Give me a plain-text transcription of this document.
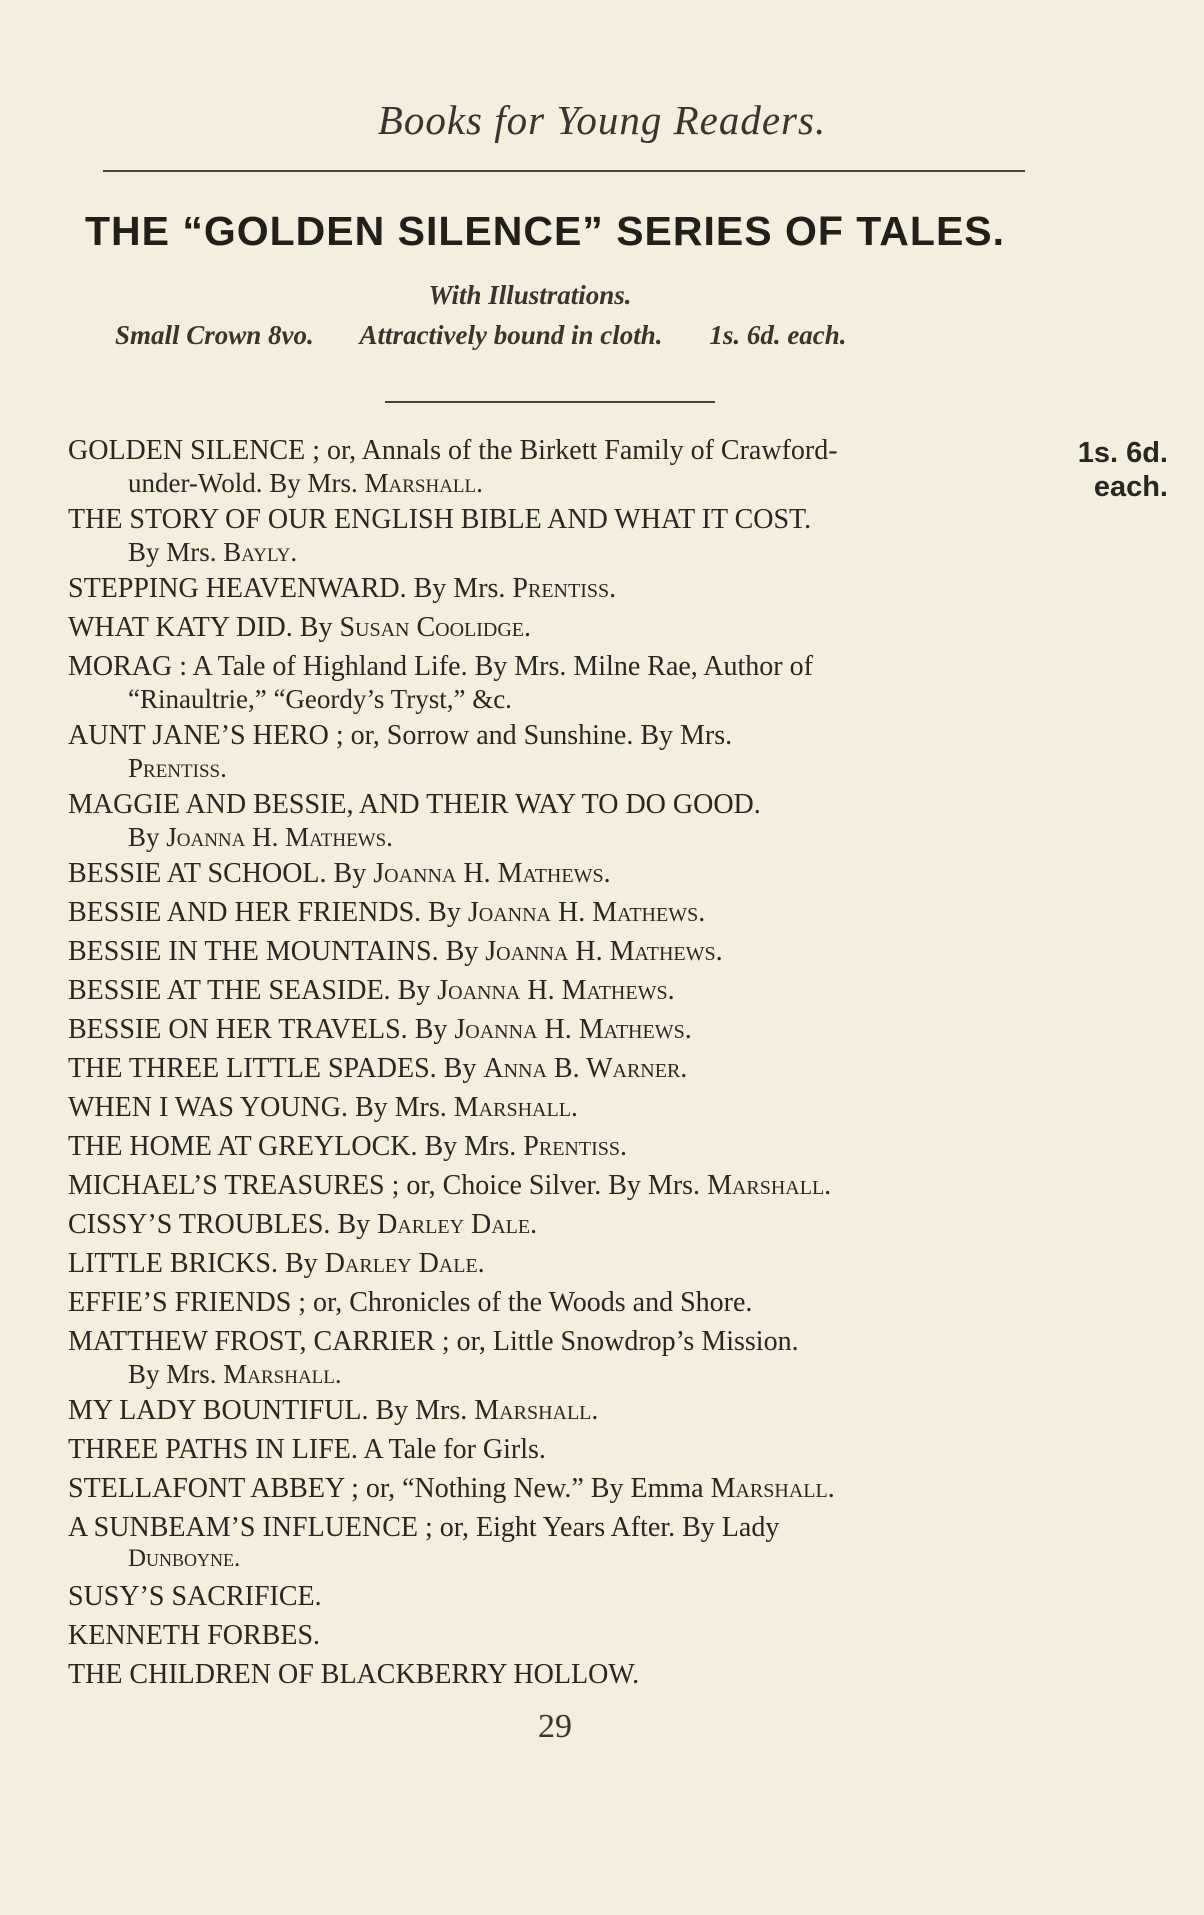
Books for Young Readers.
THE “GOLDEN SILENCE” SERIES OF TALES.
With Illustrations.
Small Crown 8vo. Attractively bound in cloth. 1s. 6d. each.
1s. 6d.
each.
GOLDEN SILENCE ; or, Annals of the Birkett Family of Crawford-
under-Wold. By Mrs. Marshall.
THE STORY OF OUR ENGLISH BIBLE AND WHAT IT COST.
By Mrs. Bayly.
STEPPING HEAVENWARD. By Mrs. Prentiss.
WHAT KATY DID. By Susan Coolidge.
MORAG : A Tale of Highland Life. By Mrs. Milne Rae, Author of
“Rinaultrie,” “Geordy’s Tryst,” &c.
AUNT JANE’S HERO ; or, Sorrow and Sunshine. By Mrs.
Prentiss.
MAGGIE AND BESSIE, AND THEIR WAY TO DO GOOD.
By Joanna H. Mathews.
BESSIE AT SCHOOL. By Joanna H. Mathews.
BESSIE AND HER FRIENDS. By Joanna H. Mathews.
BESSIE IN THE MOUNTAINS. By Joanna H. Mathews.
BESSIE AT THE SEASIDE. By Joanna H. Mathews.
BESSIE ON HER TRAVELS. By Joanna H. Mathews.
THE THREE LITTLE SPADES. By Anna B. Warner.
WHEN I WAS YOUNG. By Mrs. Marshall.
THE HOME AT GREYLOCK. By Mrs. Prentiss.
MICHAEL’S TREASURES ; or, Choice Silver. By Mrs. Marshall.
CISSY’S TROUBLES. By Darley Dale.
LITTLE BRICKS. By Darley Dale.
EFFIE’S FRIENDS ; or, Chronicles of the Woods and Shore.
MATTHEW FROST, CARRIER ; or, Little Snowdrop’s Mission.
By Mrs. Marshall.
MY LADY BOUNTIFUL. By Mrs. Marshall.
THREE PATHS IN LIFE. A Tale for Girls.
STELLAFONT ABBEY ; or, “Nothing New.” By Emma Marshall.
A SUNBEAM’S INFLUENCE ; or, Eight Years After. By Lady
Dunboyne.
SUSY’S SACRIFICE.
KENNETH FORBES.
THE CHILDREN OF BLACKBERRY HOLLOW.
29
